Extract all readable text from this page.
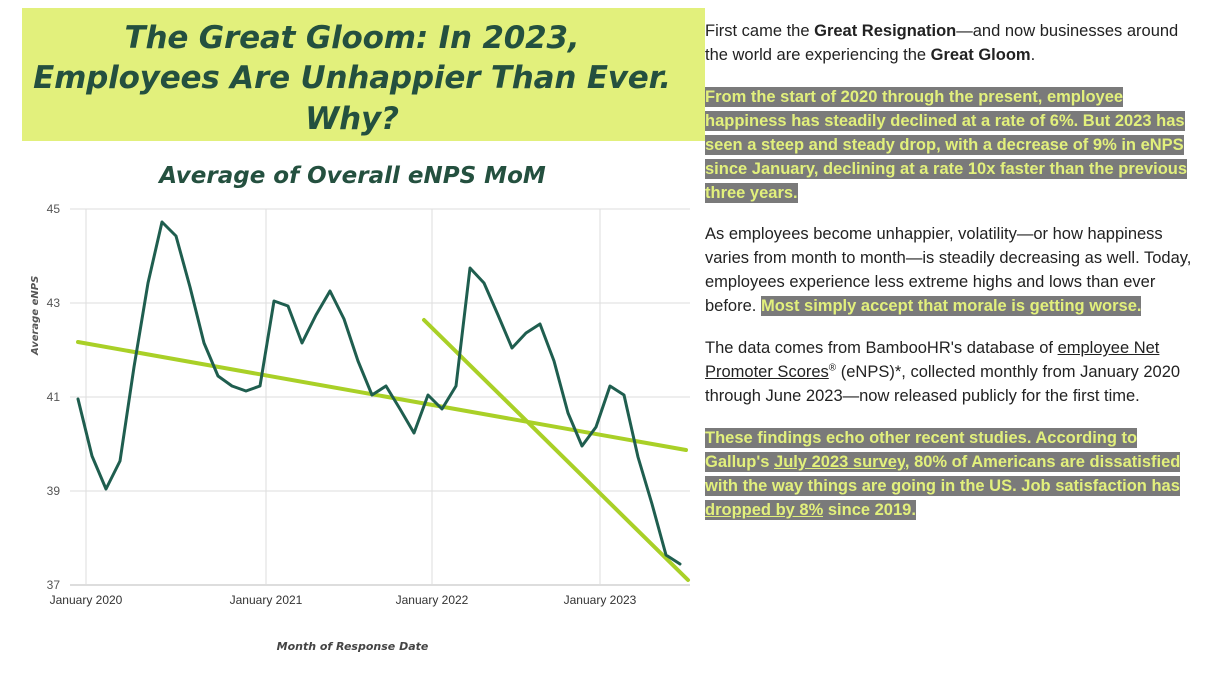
The Great Gloom: In 2023, Employees Are Unhappier Than Ever. Why?
Average of Overall eNPS MoM
45
43
41
39
37
January 2020	January 2021	January 2022	January 2023
Average eNPS
Month of Response Date

First came the Great Resignation—and now businesses around the world are experiencing the Great Gloom.

From the start of 2020 through the present, employee happiness has steadily declined at a rate of 6%. But 2023 has seen a steep and steady drop, with a decrease of 9% in eNPS since January, declining at a rate 10x faster than the previous three years.

As employees become unhappier, volatility—or how happiness varies from month to month—is steadily decreasing as well. Today, employees experience less extreme highs and lows than ever before. Most simply accept that morale is getting worse.

The data comes from BambooHR's database of employee Net Promoter Scores® (eNPS)*, collected monthly from January 2020 through June 2023—now released publicly for the first time.

These findings echo other recent studies. According to Gallup's July 2023 survey, 80% of Americans are dissatisfied with the way things are going in the US. Job satisfaction has dropped by 8% since 2019.
